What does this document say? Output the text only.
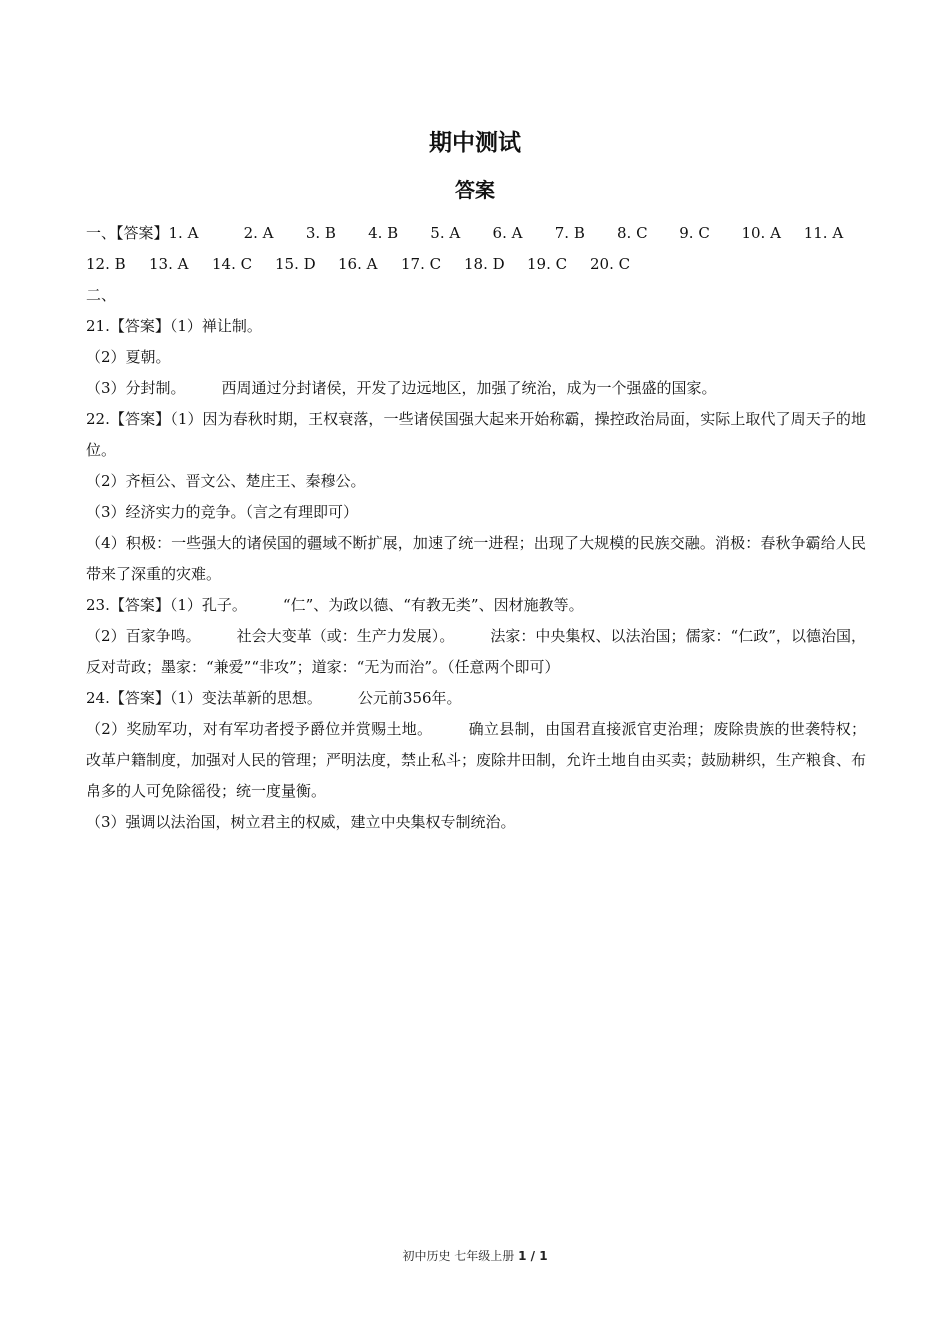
期中测试
答案
一、【答案】 1. A	2. A	3. B	4. B	5. A	6. A	7. B	8. C	9. C	10. A	11. A
12. B	13. A	14. C	15. D	16. A	17. C	18. D	19. C	20. C
二、
21.【答案】（1）禅让制。
（2）夏朝。
（3）分封制。 西周通过分封诸侯，开发了边远地区，加强了统治，成为一个强盛的国家。
22.【答案】（1）因为春秋时期，王权衰落，一些诸侯国强大起来开始称霸，操控政治局面，实际上取代了周天子的地位。
（2）齐桓公、晋文公、楚庄王、秦穆公。
（3）经济实力的竞争。（言之有理即可）
（4）积极：一些强大的诸侯国的疆域不断扩展，加速了统一进程；出现了大规模的民族交融。消极：春秋争霸给人民带来了深重的灾难。
23.【答案】（1）孔子。 “仁”、为政以德、“有教无类”、因材施教等。
（2）百家争鸣。 社会大变革（或：生产力发展）。 法家：中央集权、以法治国；儒家：“仁政”，以德治国，反对苛政；墨家：“兼爱”“非攻”；道家：“无为而治”。（任意两个即可）
24.【答案】（1）变法革新的思想。 公元前356年。
（2）奖励军功，对有军功者授予爵位并赏赐土地。 确立县制，由国君直接派官吏治理；废除贵族的世袭特权；改革户籍制度，加强对人民的管理；严明法度，禁止私斗；废除井田制，允许土地自由买卖；鼓励耕织，生产粮食、布帛多的人可免除徭役；统一度量衡。
（3）强调以法治国，树立君主的权威，建立中央集权专制统治。
初中历史 七年级上册 1 / 1
